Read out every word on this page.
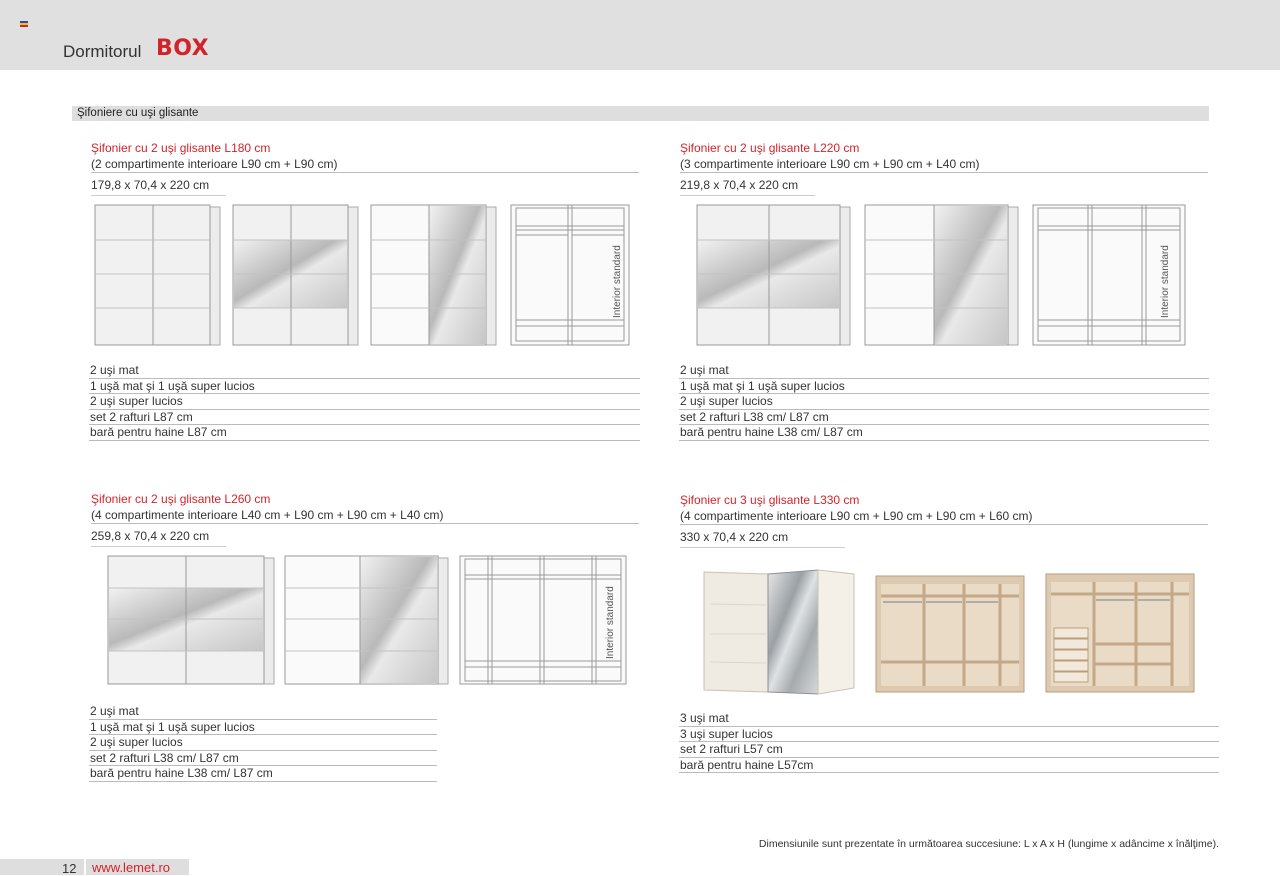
Dormitorul BOX
Şifoniere cu uşi glisante
Şifonier cu 2 uşi glisante L180 cm
(2 compartimente interioare L90 cm + L90 cm)
179,8 x 70,4 x 220 cm
Interior standard
2 uşi mat
1 uşă mat şi 1 uşă super lucios
2 uşi super lucios
set 2 rafturi L87 cm
bară pentru haine L87 cm
Şifonier cu 2 uşi glisante L220 cm
(3 compartimente interioare L90 cm + L90 cm + L40 cm)
219,8 x 70,4 x 220 cm
Interior standard
2 uşi mat
1 uşă mat şi 1 uşă super lucios
2 uşi super lucios
set 2 rafturi L38 cm/ L87 cm
bară pentru haine L38 cm/ L87 cm
Şifonier cu 2 uşi glisante L260 cm
(4 compartimente interioare L40 cm + L90 cm + L90 cm + L40 cm)
259,8 x 70,4 x 220 cm
Interior standard
2 uşi mat
1 uşă mat şi 1 uşă super lucios
2 uşi super lucios
set 2 rafturi L38 cm/ L87 cm
bară pentru haine L38 cm/ L87 cm
Şifonier cu 3 uşi glisante L330 cm
(4 compartimente interioare L90 cm + L90 cm + L90 cm + L60 cm)
330 x 70,4 x 220 cm
3 uşi mat
3 uşi super lucios
set 2 rafturi L57 cm
bară pentru haine L57cm
Dimensiunile sunt prezentate în următoarea succesiune: L x A x H (lungime x adâncime x înălţime).
12 www.lemet.ro
